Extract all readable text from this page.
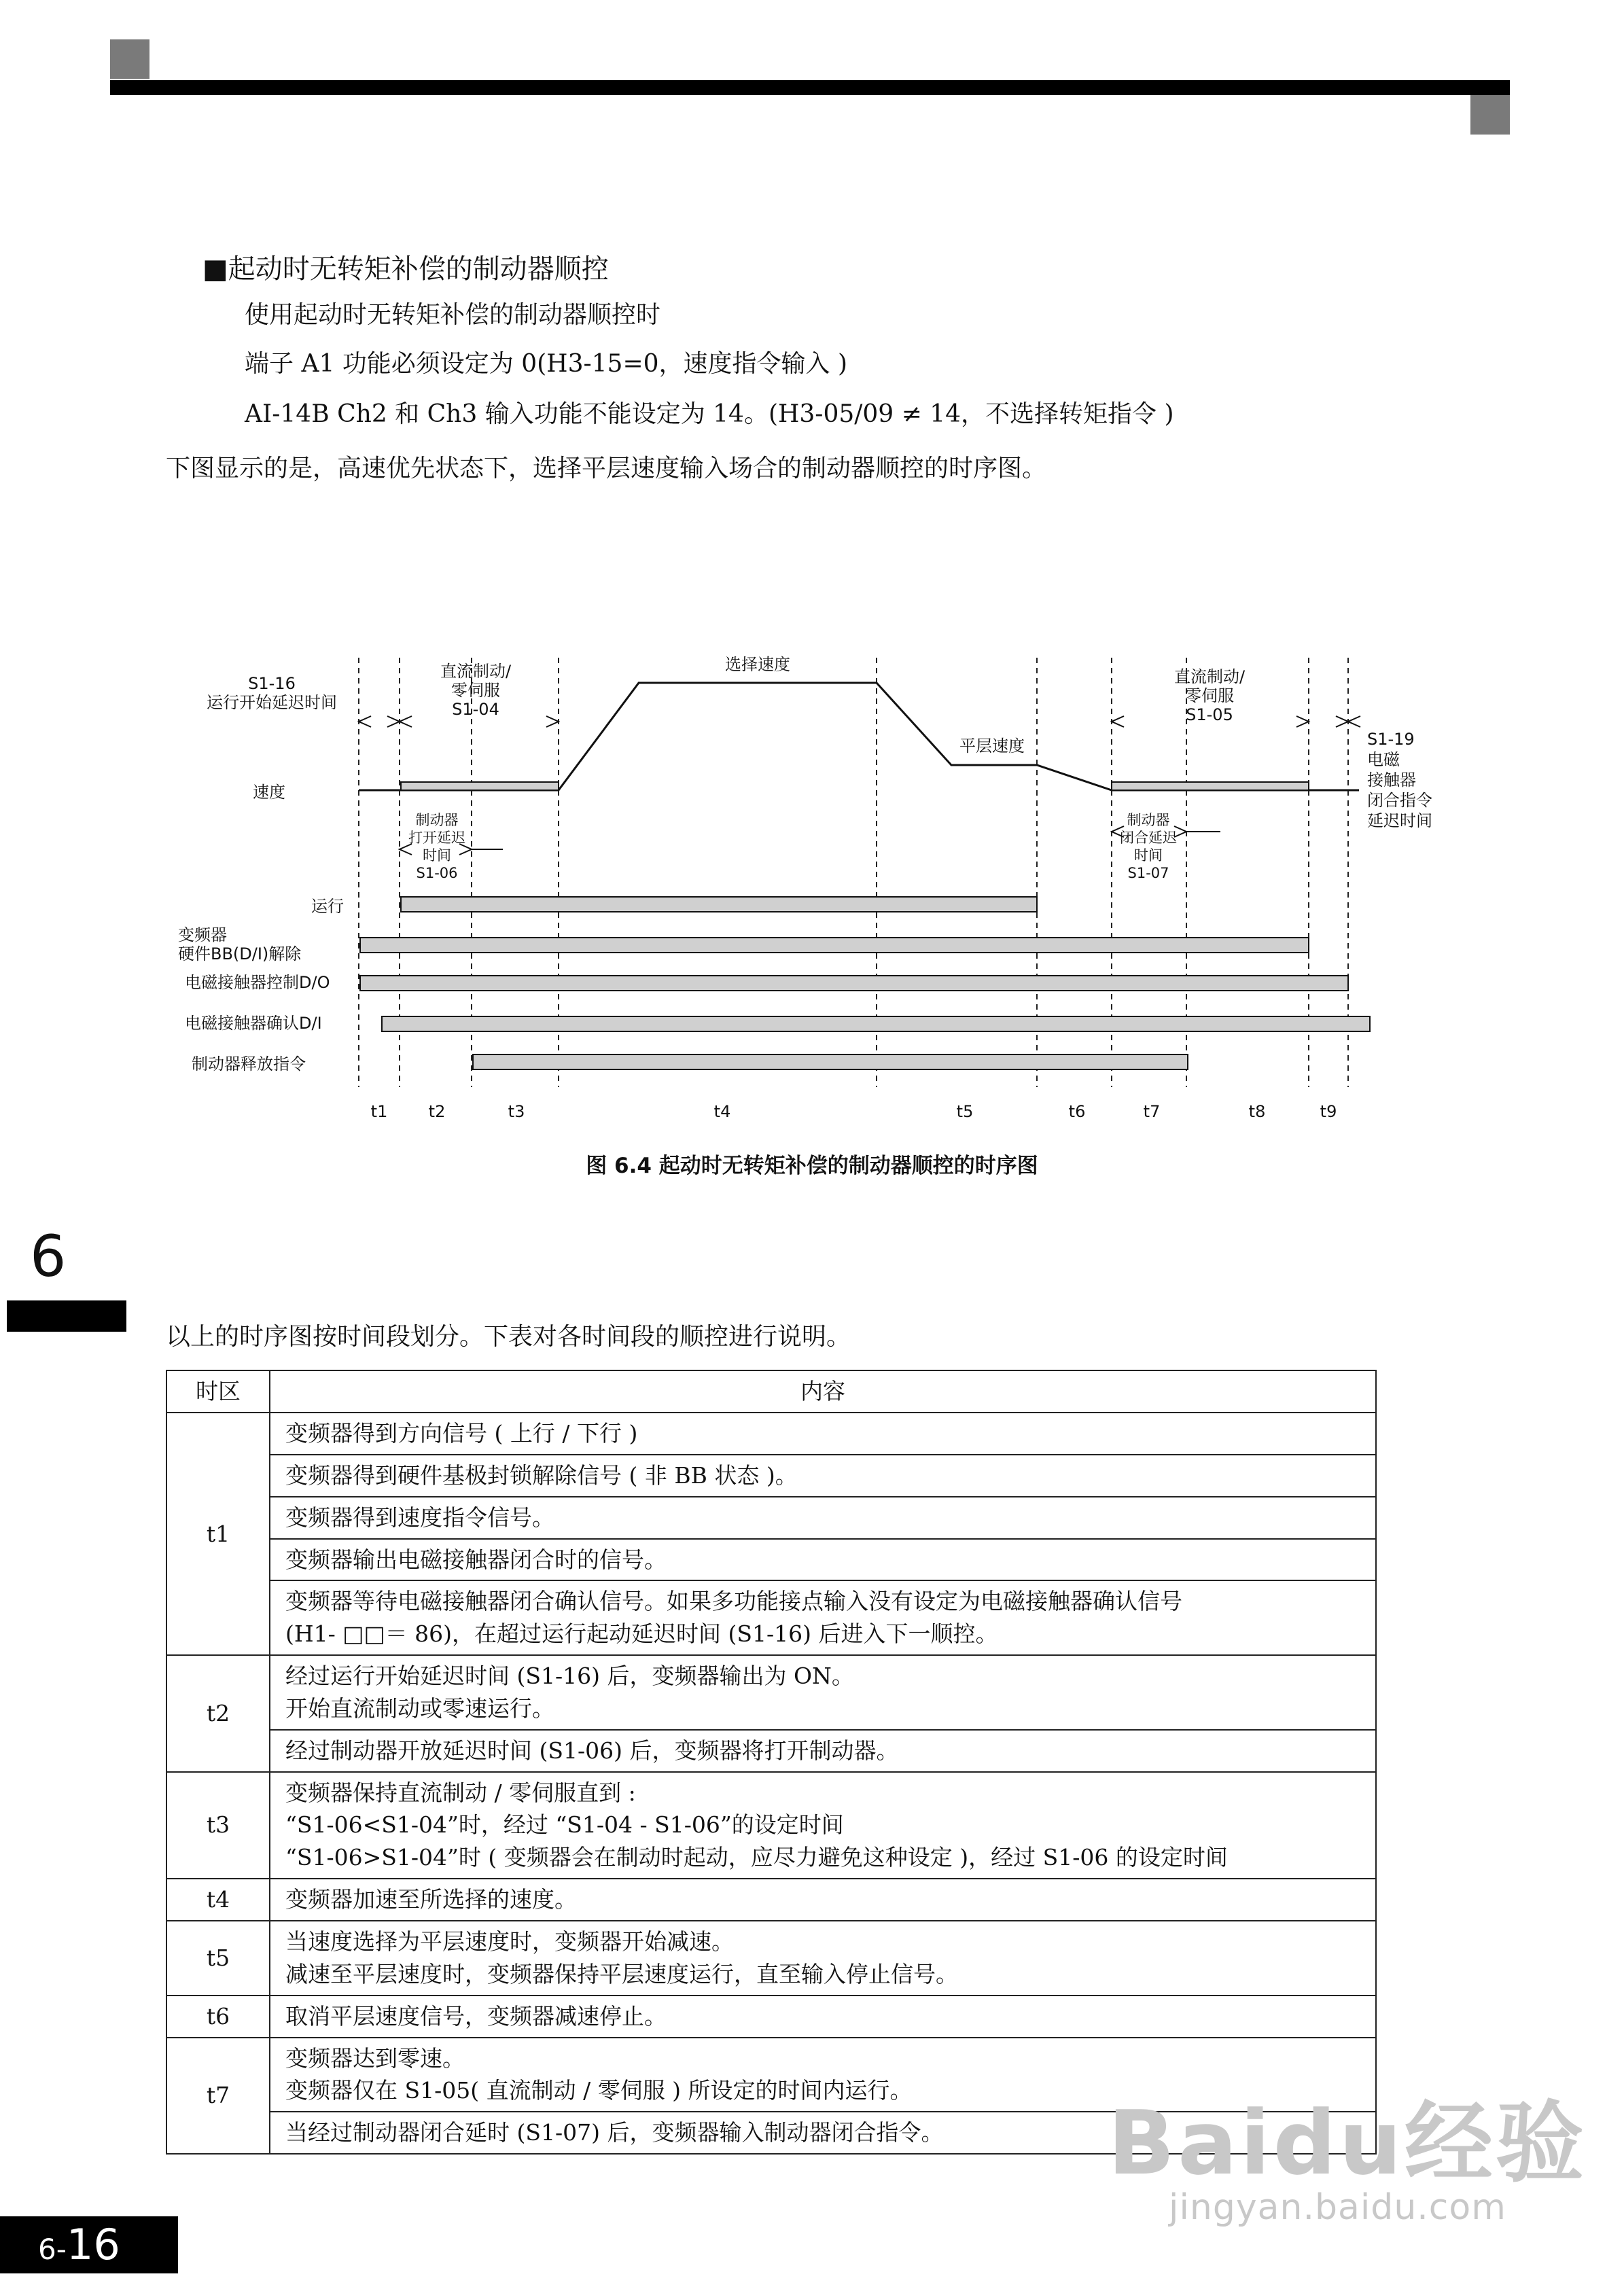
■起动时无转矩补偿的制动器顺控
使用起动时无转矩补偿的制动器顺控时
端子 A1 功能必须设定为 0(H3-15=0，速度指令输入 )
AI-14B Ch2 和 Ch3 输入功能不能设定为 14。(H3-05/09 ≠ 14，不选择转矩指令 )
下图显示的是，高速优先状态下，选择平层速度输入场合的制动器顺控的时序图。
S1-16
运行开始延迟时间
直流制动/
零伺服
S1-04
选择速度
平层速度
直流制动/
零伺服
S1-05
S1-19
电磁
接触器
闭合指令
延迟时间
速度
制动器
打开延迟
时间
S1-06
制动器
闭合延迟
时间
S1-07
运行
变频器
硬件BB(D/I)解除
电磁接触器控制D/O
电磁接触器确认D/I
制动器释放指令
t1	t2	t3	t4	t5	t6	t7	t8	t9
图 6.4 起动时无转矩补偿的制动器顺控的时序图
6
以上的时序图按时间段划分。下表对各时间段的顺控进行说明。
时区	内容
t1	变频器得到方向信号 ( 上行 / 下行 )
	变频器得到硬件基极封锁解除信号 ( 非 BB 状态 )。
	变频器得到速度指令信号。
	变频器输出电磁接触器闭合时的信号。

	变频器等待电磁接触器闭合确认信号。如果多功能接点输入没有设定为电磁接触器确认信号
(H1- □□＝ 86)，在超过运行起动延迟时间 (S1-16) 后进入下一顺控。

t2	经过运行开始延迟时间 (S1-16) 后，变频器输出为 ON。
开始直流制动或零速运行。

	经过制动器开放延迟时间 (S1-06) 后，变频器将打开制动器。
t3	变频器保持直流制动 / 零伺服直到 :
“S1-06<S1-04”时，经过 “S1-04 - S1-06”的设定时间
“S1-06>S1-04”时 ( 变频器会在制动时起动，应尽力避免这种设定 )，经过 S1-06 的设定时间

t4	变频器加速至所选择的速度。
t5	当速度选择为平层速度时，变频器开始减速。
减速至平层速度时，变频器保持平层速度运行，直至输入停止信号。

t6	取消平层速度信号，变频器减速停止。
t7	变频器达到零速。
变频器仅在 S1-05( 直流制动 / 零伺服 ) 所设定的时间内运行。

	当经过制动器闭合延时 (S1-07) 后，变频器输入制动器闭合指令。
6-16
Baidu经验
jingyan.baidu.com
